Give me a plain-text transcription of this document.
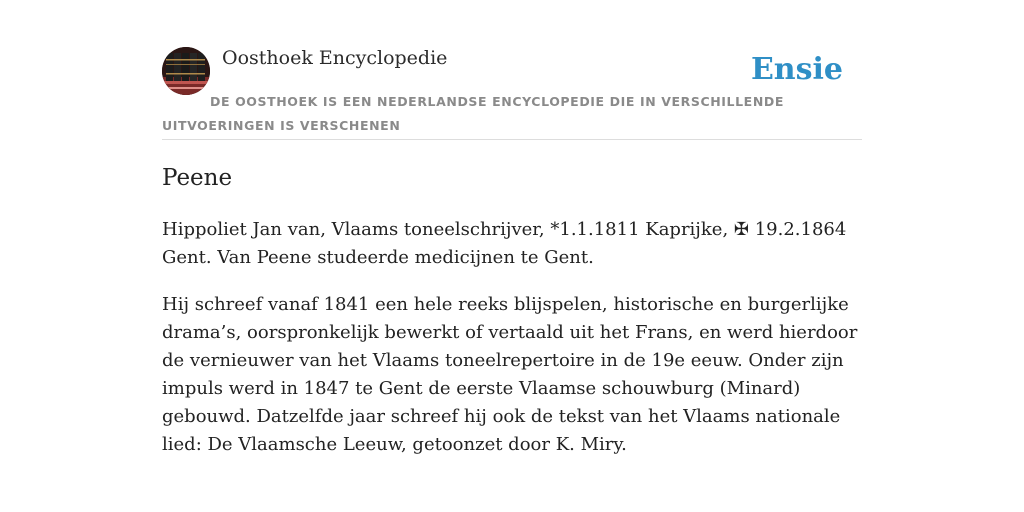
Oosthoek Encyclopedie	Ensie
DE OOSTHOEK IS EEN NEDERLANDSE ENCYCLOPEDIE DIE IN VERSCHILLENDE UITVOERINGEN IS VERSCHENEN
Peene

Hippoliet Jan van, Vlaams toneelschrijver, *1.1.1811 Kaprijke, ✠ 19.2.1864 Gent. Van Peene studeerde medicijnen te Gent.

Hij schreef vanaf 1841 een hele reeks blijspelen, historische en burgerlijke drama’s, oorspronkelijk bewerkt of vertaald uit het Frans, en werd hierdoor de vernieuwer van het Vlaams toneelrepertoire in de 19e eeuw. Onder zijn impuls werd in 1847 te Gent de eerste Vlaamse schouwburg (Minard) gebouwd. Datzelfde jaar schreef hij ook de tekst van het Vlaams nationale lied: De Vlaamsche Leeuw, getoonzet door K. Miry.
